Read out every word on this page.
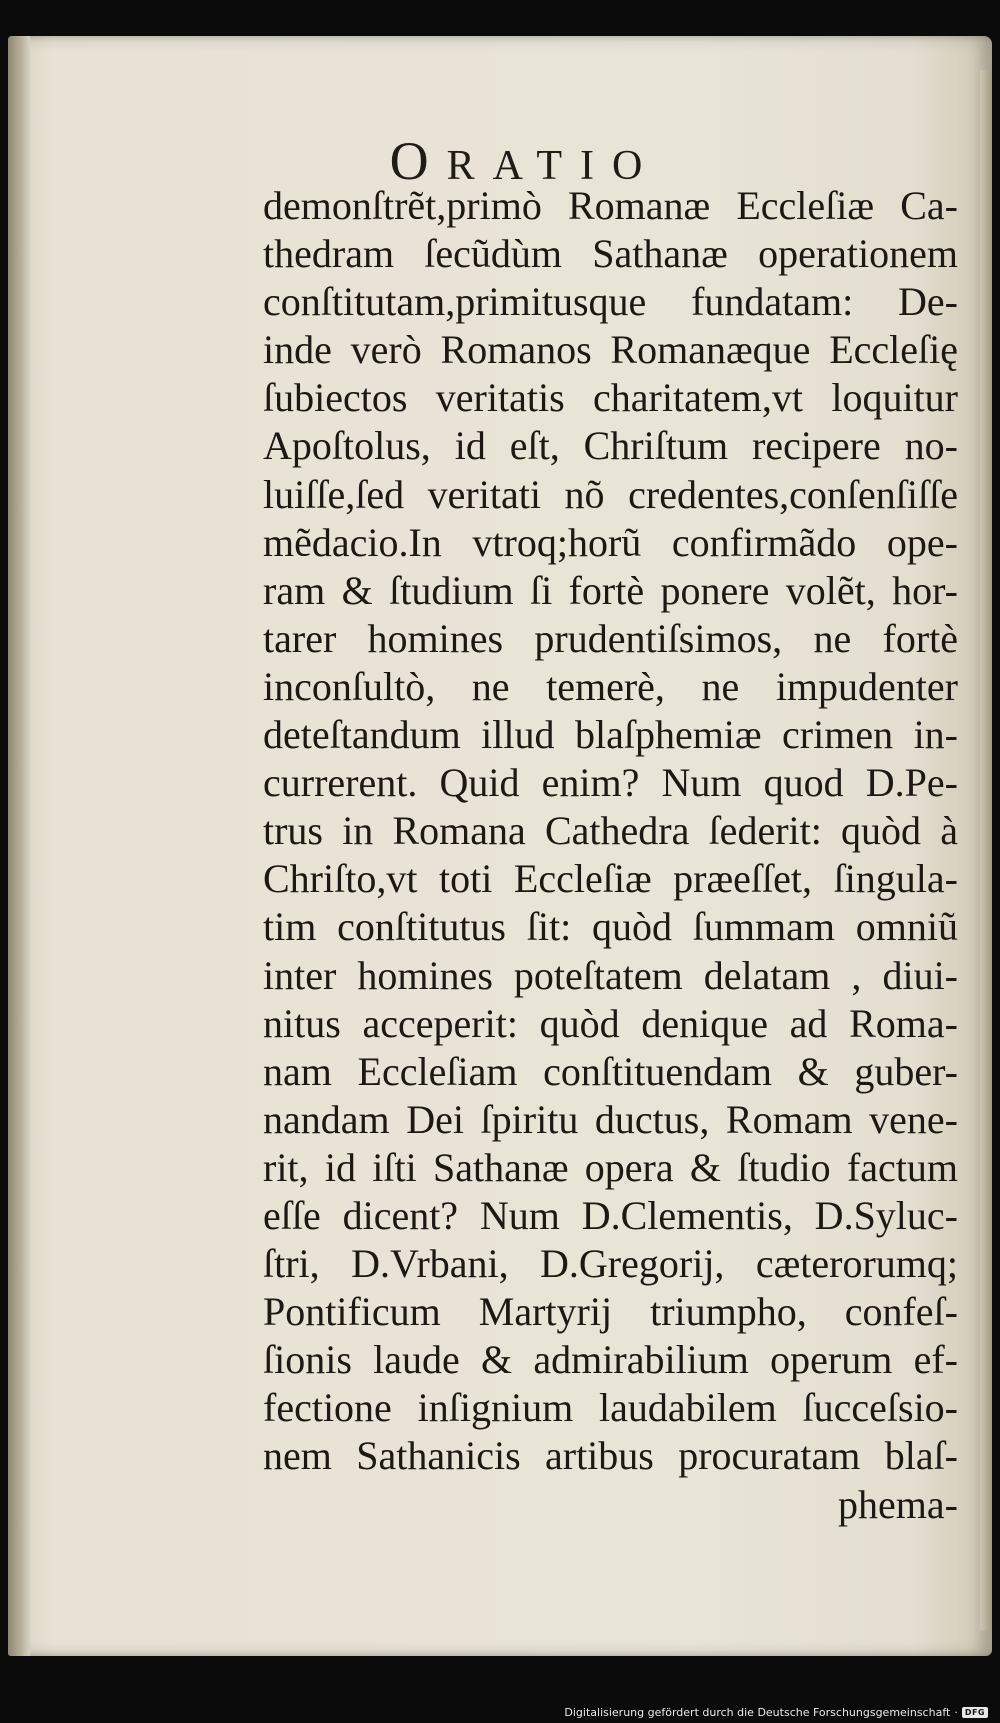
ORATIO
demonſtrẽt,primò Romanæ Eccleſiæ Ca-
thedram ſecũdùm Sathanæ operationem
conſtitutam,primitusque fundatam: De-
inde verò Romanos Romanæque Eccleſię
ſubiectos veritatis charitatem,vt loquitur
Apoſtolus, id eſt, Chriſtum recipere no-
luiſſe,ſed veritati nõ credentes,conſenſiſſe
mẽdacio.In vtroq;horũ confirmãdo ope-
ram & ſtudium ſi fortè ponere volẽt, hor-
tarer homines prudentiſsimos, ne fortè
inconſultò, ne temerè, ne impudenter
deteſtandum illud blaſphemiæ crimen in-
currerent. Quid enim? Num quod D.Pe-
trus in Romana Cathedra ſederit: quòd à
Chriſto,vt toti Eccleſiæ præeſſet, ſingula-
tim conſtitutus ſit: quòd ſummam omniũ
inter homines poteſtatem delatam , diui-
nitus acceperit: quòd denique ad Roma-
nam Eccleſiam conſtituendam & guber-
nandam Dei ſpiritu ductus, Romam vene-
rit, id iſti Sathanæ opera & ſtudio factum
eſſe dicent? Num D.Clementis, D.Syluc-
ſtri, D.Vrbani, D.Gregorij, cæterorumq;
Pontificum Martyrij triumpho, confeſ-
ſionis laude & admirabilium operum ef-
fectione inſignium laudabilem ſucceſsio-
nem Sathanicis artibus procuratam blaſ-
phema-
Digitalisierung gefördert durch die Deutsche Forschungsgemeinschaft · DFG
